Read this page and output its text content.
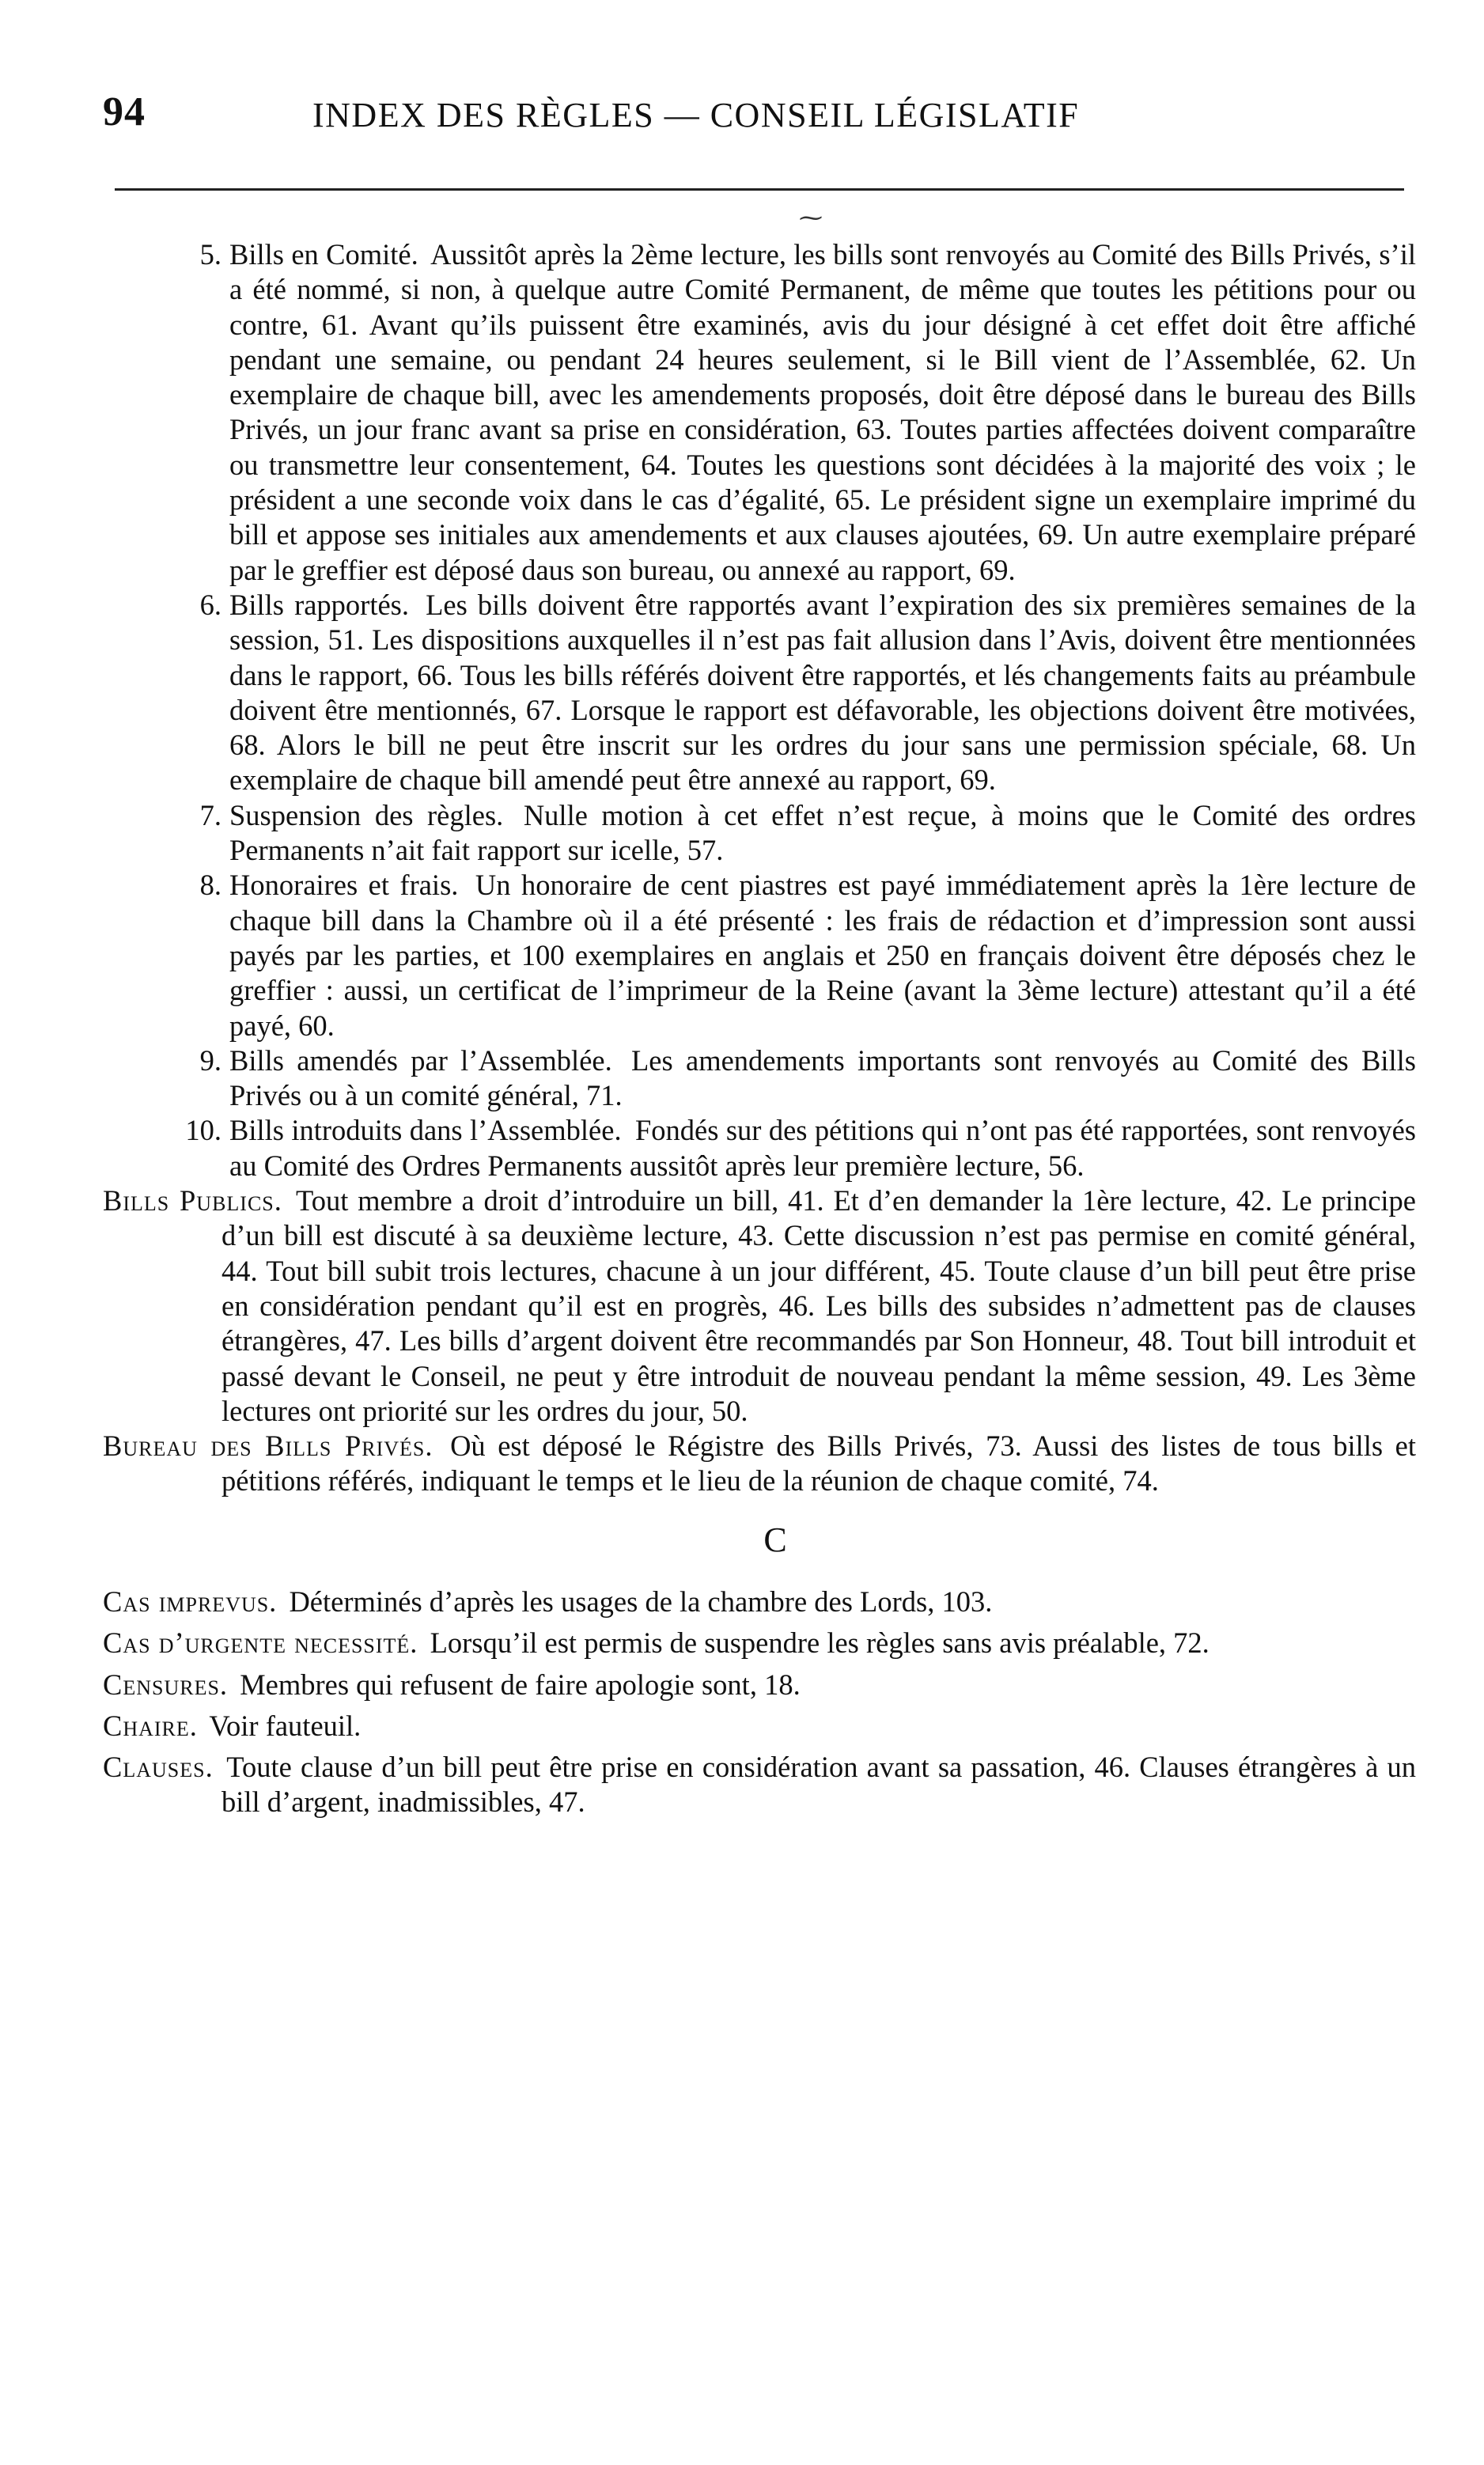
94	INDEX DES RÈGLES — CONSEIL LÉGISLATIF
⁓

5. Bills en Comité. Aussitôt après la 2ème lecture, les bills sont renvoyés au Comité des Bills Privés, s’il a été nommé, si non, à quelque autre Comité Permanent, de même que toutes les pétitions pour ou contre, 61. Avant qu’ils puissent être examinés, avis du jour désigné à cet effet doit être affiché pendant une semaine, ou pendant 24 heures seulement, si le Bill vient de l’Assemblée, 62. Un exemplaire de chaque bill, avec les amendements proposés, doit être déposé dans le bureau des Bills Privés, un jour franc avant sa prise en considération, 63. Toutes parties affectées doivent comparaître ou transmettre leur consentement, 64. Toutes les questions sont décidées à la majorité des voix ; le président a une seconde voix dans le cas d’égalité, 65. Le président signe un exemplaire imprimé du bill et appose ses initiales aux amendements et aux clauses ajoutées, 69. Un autre exemplaire préparé par le greffier est déposé daus son bureau, ou annexé au rapport, 69.

6. Bills rapportés. Les bills doivent être rapportés avant l’expiration des six premières semaines de la session, 51. Les dispositions auxquelles il n’est pas fait allusion dans l’Avis, doivent être mentionnées dans le rapport, 66. Tous les bills référés doivent être rapportés, et lés changements faits au préambule doivent être mentionnés, 67. Lorsque le rapport est défavorable, les objections doivent être motivées, 68. Alors le bill ne peut être inscrit sur les ordres du jour sans une permission spéciale, 68. Un exemplaire de chaque bill amendé peut être annexé au rapport, 69.

7. Suspension des règles. Nulle motion à cet effet n’est reçue, à moins que le Comité des ordres Permanents n’ait fait rapport sur icelle, 57.

8. Honoraires et frais. Un honoraire de cent piastres est payé immédiatement après la 1ère lecture de chaque bill dans la Chambre où il a été présenté : les frais de rédaction et d’impression sont aussi payés par les parties, et 100 exemplaires en anglais et 250 en français doivent être déposés chez le greffier : aussi, un certificat de l’imprimeur de la Reine (avant la 3ème lecture) attestant qu’il a été payé, 60.

9. Bills amendés par l’Assemblée. Les amendements importants sont renvoyés au Comité des Bills Privés ou à un comité général, 71.

10. Bills introduits dans l’Assemblée. Fondés sur des pétitions qui n’ont pas été rapportées, sont renvoyés au Comité des Ordres Permanents aussitôt après leur première lecture, 56.

Bills Publics. Tout membre a droit d’introduire un bill, 41. Et d’en demander la 1ère lecture, 42. Le principe d’un bill est discuté à sa deuxième lecture, 43. Cette discussion n’est pas permise en comité général, 44. Tout bill subit trois lectures, chacune à un jour différent, 45. Toute clause d’un bill peut être prise en considération pendant qu’il est en progrès, 46. Les bills des subsides n’admettent pas de clauses étrangères, 47. Les bills d’argent doivent être recommandés par Son Honneur, 48. Tout bill introduit et passé devant le Conseil, ne peut y être introduit de nouveau pendant la même session, 49. Les 3ème lectures ont priorité sur les ordres du jour, 50.

Bureau des Bills Privés. Où est déposé le Régistre des Bills Privés, 73. Aussi des listes de tous bills et pétitions référés, indiquant le temps et le lieu de la réunion de chaque comité, 74.

C

Cas imprevus. Déterminés d’après les usages de la chambre des Lords, 103.

Cas d’urgente necessité. Lorsqu’il est permis de suspendre les règles sans avis préalable, 72.

Censures. Membres qui refusent de faire apologie sont, 18.

Chaire. Voir fauteuil.

Clauses. Toute clause d’un bill peut être prise en considération avant sa passation, 46. Clauses étrangères à un bill d’argent, inadmissibles, 47.
